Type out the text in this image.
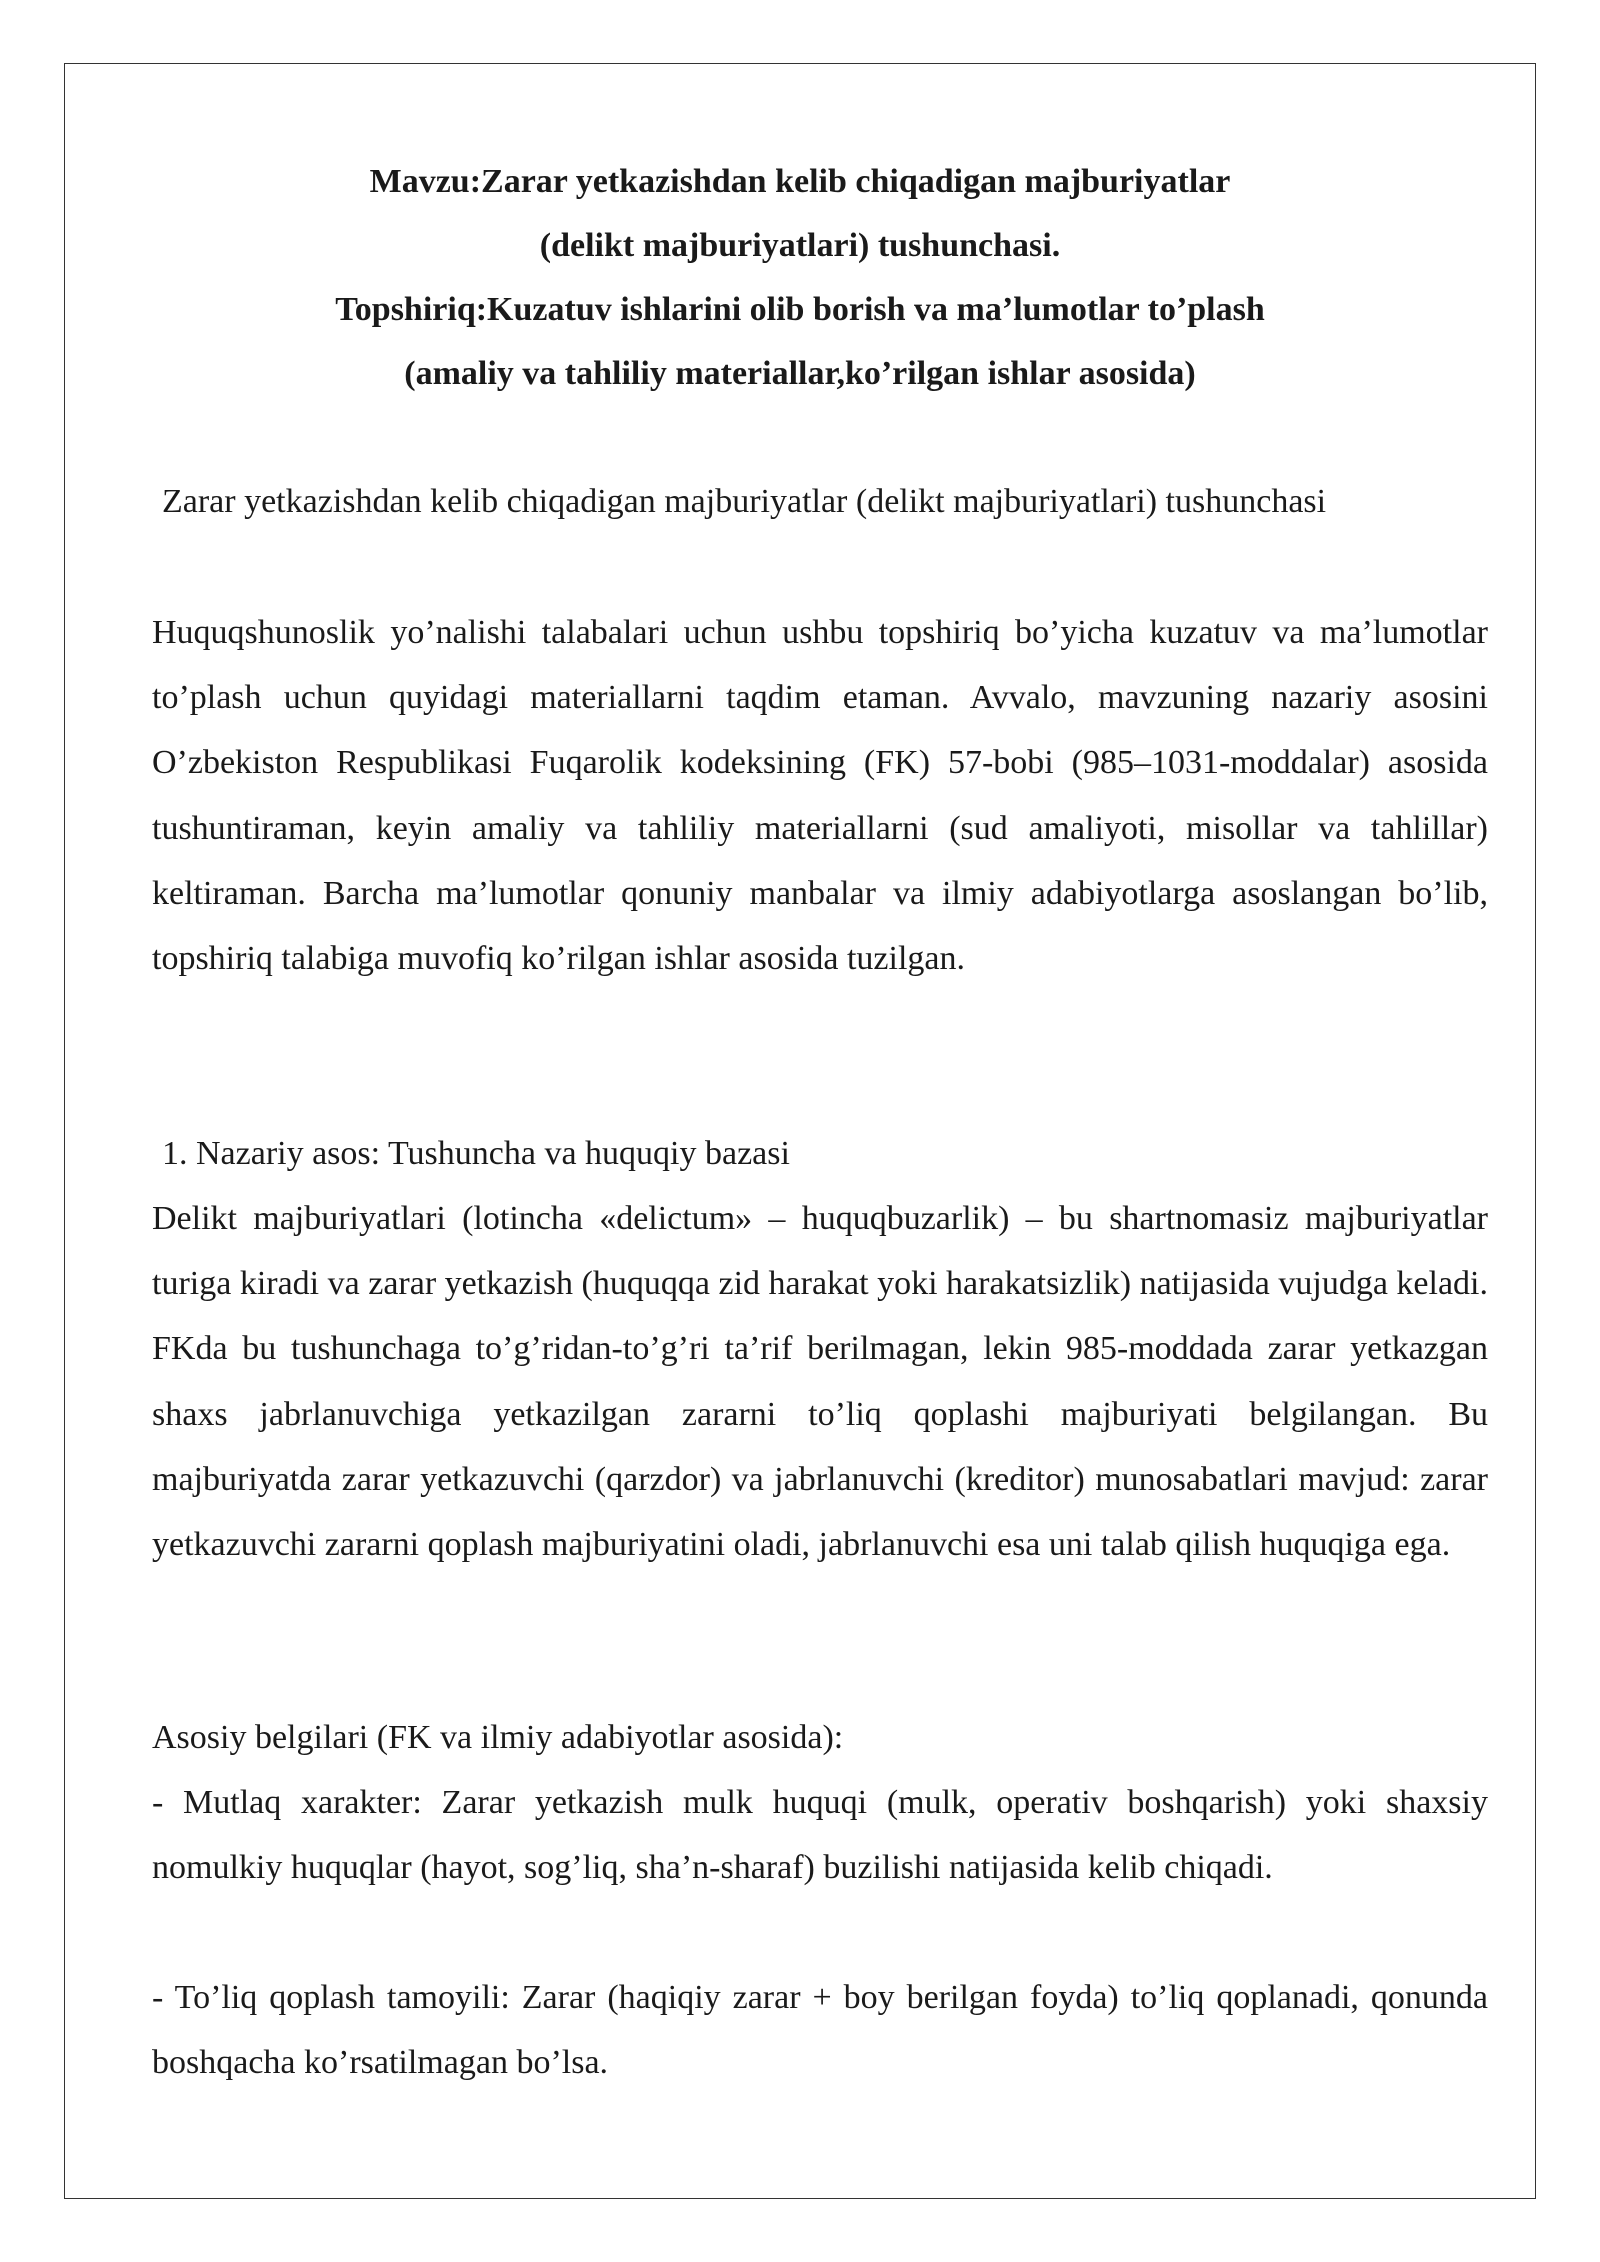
Mavzu:Zarar yetkazishdan kelib chiqadigan majburiyatlar
(delikt majburiyatlari) tushunchasi.
Topshiriq:Kuzatuv ishlarini olib borish va ma’lumotlar to’plash
(amaliy va tahliliy materiallar,ko’rilgan ishlar asosida)
Zarar yetkazishdan kelib chiqadigan majburiyatlar (delikt majburiyatlari) tushunchasi

Huquqshunoslik yo’nalishi talabalari uchun ushbu topshiriq bo’yicha kuzatuv va ma’lumotlar to’plash uchun quyidagi materiallarni taqdim etaman. Avvalo, mavzuning nazariy asosini O’zbekiston Respublikasi Fuqarolik kodeksining (FK) 57-bobi (985–1031-moddalar) asosida tushuntiraman, keyin amaliy va tahliliy materiallarni (sud amaliyoti, misollar va tahlillar) keltiraman. Barcha ma’lumotlar qonuniy manbalar va ilmiy adabiyotlarga asoslangan bo’lib, topshiriq talabiga muvofiq ko’rilgan ishlar asosida tuzilgan.

1. Nazariy asos: Tushuncha va huquqiy bazasi

Delikt majburiyatlari (lotincha «delictum» – huquqbuzarlik) – bu shartnomasiz majburiyatlar turiga kiradi va zarar yetkazish (huquqqa zid harakat yoki harakatsizlik) natijasida vujudga keladi. FKda bu tushunchaga to’g’ridan-to’g’ri ta’rif berilmagan, lekin 985-moddada zarar yetkazgan shaxs jabrlanuvchiga yetkazilgan zararni to’liq qoplashi majburiyati belgilangan. Bu majburiyatda zarar yetkazuvchi (qarzdor) va jabrlanuvchi (kreditor) munosabatlari mavjud: zarar yetkazuvchi zararni qoplash majburiyatini oladi, jabrlanuvchi esa uni talab qilish huquqiga ega.

Asosiy belgilari (FK va ilmiy adabiyotlar asosida):

- Mutlaq xarakter: Zarar yetkazish mulk huquqi (mulk, operativ boshqarish) yoki shaxsiy nomulkiy huquqlar (hayot, sog’liq, sha’n-sharaf) buzilishi natijasida kelib chiqadi.

- To’liq qoplash tamoyili: Zarar (haqiqiy zarar + boy berilgan foyda) to’liq qoplanadi, qonunda boshqacha ko’rsatilmagan bo’lsa.
